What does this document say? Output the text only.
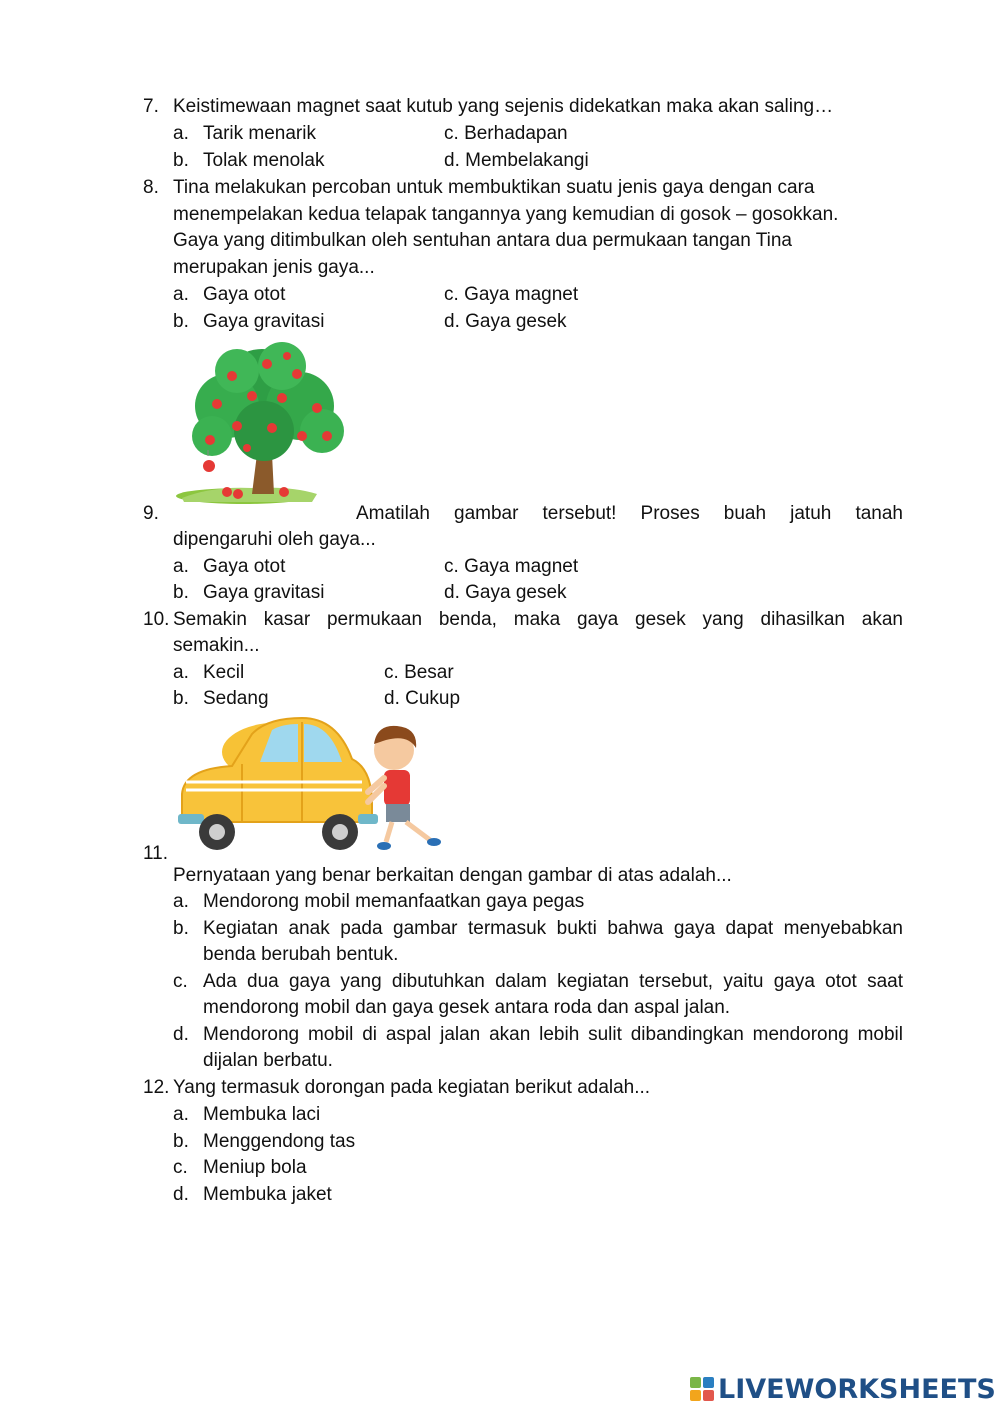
7. Keistimewaan magnet saat kutub yang sejenis didekatkan maka akan saling…
a. Tarik menarik
b. Tolak menolak
c. Berhadapan
d. Membelakangi
8. Tina melakukan percoban untuk membuktikan suatu jenis gaya dengan cara
menempelakan kedua telapak tangannya yang kemudian di gosok – gosokkan.
Gaya yang ditimbulkan oleh sentuhan antara dua permukaan tangan Tina
merupakan jenis gaya...
a. Gaya otot
b. Gaya gravitasi
c. Gaya magnet
d. Gaya gesek
9.	Amatilah gambar tersebut! Proses buah jatuh tanah
dipengaruhi oleh gaya...
a. Gaya otot
b. Gaya gravitasi
c. Gaya magnet
d. Gaya gesek
10. Semakin kasar permukaan benda, maka gaya gesek yang dihasilkan akan
semakin...
a. Kecil
b. Sedang
c. Besar
d. Cukup
11.
Pernyataan yang benar berkaitan dengan gambar di atas adalah...
a. Mendorong mobil memanfaatkan gaya pegas
b. Kegiatan anak pada gambar termasuk bukti bahwa gaya dapat menyebabkan
benda berubah bentuk.
c. Ada dua gaya yang dibutuhkan dalam kegiatan tersebut, yaitu gaya otot saat
mendorong mobil dan gaya gesek antara roda dan aspal jalan.
d. Mendorong mobil di aspal jalan akan lebih sulit dibandingkan mendorong mobil
dijalan berbatu.
12. Yang termasuk dorongan pada kegiatan berikut adalah...
a. Membuka laci
b. Menggendong tas
c. Meniup bola
d. Membuka jaket
LIVEWORKSHEETS
